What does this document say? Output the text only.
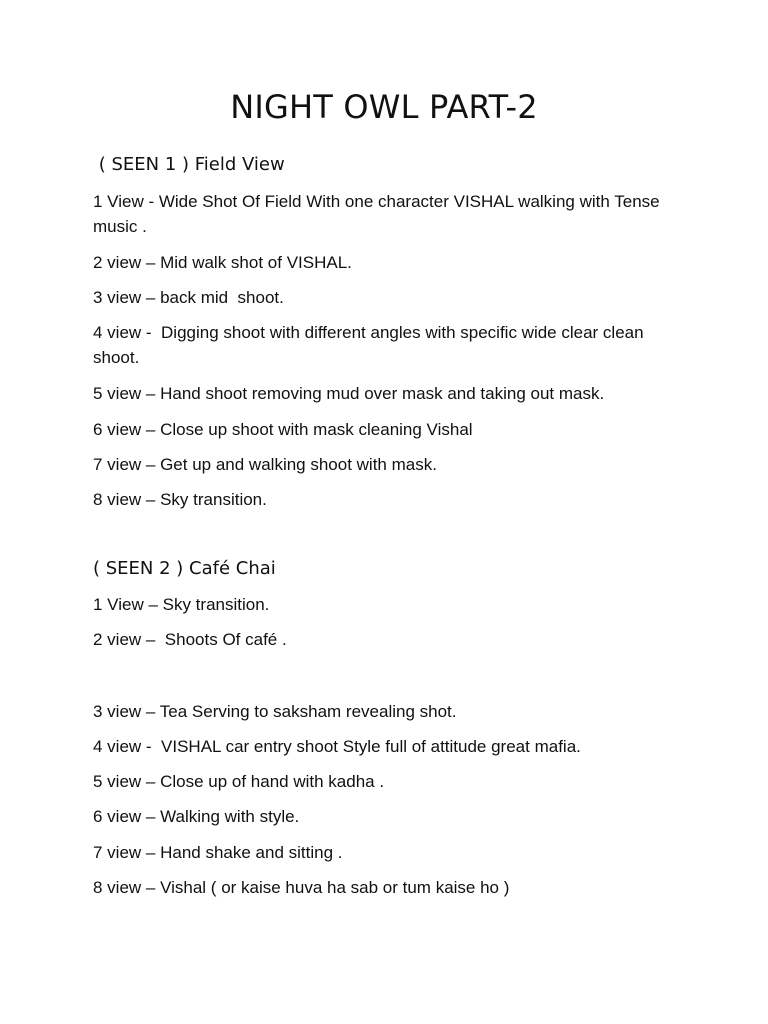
NIGHT OWL PART-2

( SEEN 1 ) Field View

1 View - Wide Shot Of Field With one character VISHAL walking with Tense music .

2 view – Mid walk shot of VISHAL.

3 view – back mid  shoot.

4 view -  Digging shoot with different angles with specific wide clear clean shoot.

5 view – Hand shoot removing mud over mask and taking out mask.

6 view – Close up shoot with mask cleaning Vishal

7 view – Get up and walking shoot with mask.

8 view – Sky transition.

( SEEN 2 ) Café Chai

1 View – Sky transition.

2 view –  Shoots Of café .

3 view – Tea Serving to saksham revealing shot.

4 view -  VISHAL car entry shoot Style full of attitude great mafia.

5 view – Close up of hand with kadha .

6 view – Walking with style.

7 view – Hand shake and sitting .

8 view – Vishal ( or kaise huva ha sab or tum kaise ho )
